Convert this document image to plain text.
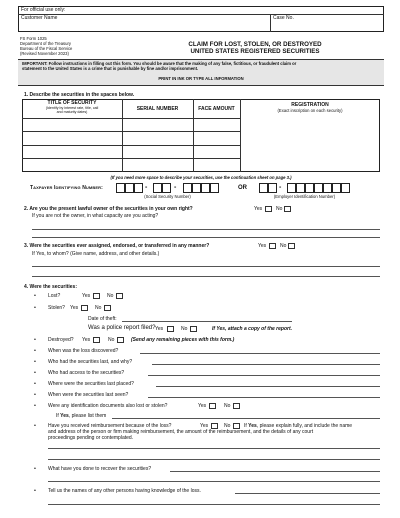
For official use only:
Customer Name	Case No.
FS Form 1025
Department of the Treasury
Bureau of the Fiscal Service
(Revised November 2023)
CLAIM FOR LOST, STOLEN, OR DESTROYED
UNITED STATES REGISTERED SECURITIES
IMPORTANT: Follow instructions in filling out this form. You should be aware that the making of any false, fictitious, or fraudulent claim or
statement to the United States is a crime that is punishable by fine and/or imprisonment.
PRINT IN INK OR TYPE ALL INFORMATION
1. Describe the securities in the spaces below.
TITLE OF SECURITY
(Identify by interest rate, title, call
and maturity dates)	SERIAL NUMBER	FACE AMOUNT
REGISTRATION
(Exact inscription on each security)
(If you need more space to describe your securities, use the continuation sheet on page 3.)
Taxpayer Identifying Number:	-	-
(Social Security Number)
OR	-
(Employer Identification Number)
2. Are you the present lawful owner of the securities in your own right?	Yes	No
If you are not the owner, in what capacity are you acting?
3. Were the securities ever assigned, endorsed, or transferred in any manner?	Yes	No
If Yes, to whom? (Give name, address, and other details.)
4. Were the securities:
• Lost?	Yes	No
• Stolen? Yes	No
Date of theft:
Was a police report filed? Yes	No	If Yes, attach a copy of the report.
• Destroyed? Yes	No	(Send any remaining pieces with this form.)
• When was the loss discovered?
• Who had the securities last, and why?
• Who had access to the securities?
• Where were the securities last placed?
• When were the securities last seen?
• Were any identification documents also lost or stolen?	Yes	No
If Yes, please list them
• Have you received reimbursement because of the loss?	Yes	No	If Yes, please explain fully, and include the name
and address of the person or firm making reimbursement, the amount of the reimbursement, and the details of any court
proceedings pending or contemplated.
• What have you done to recover the securities?
• Tell us the names of any other persons having knowledge of the loss.
